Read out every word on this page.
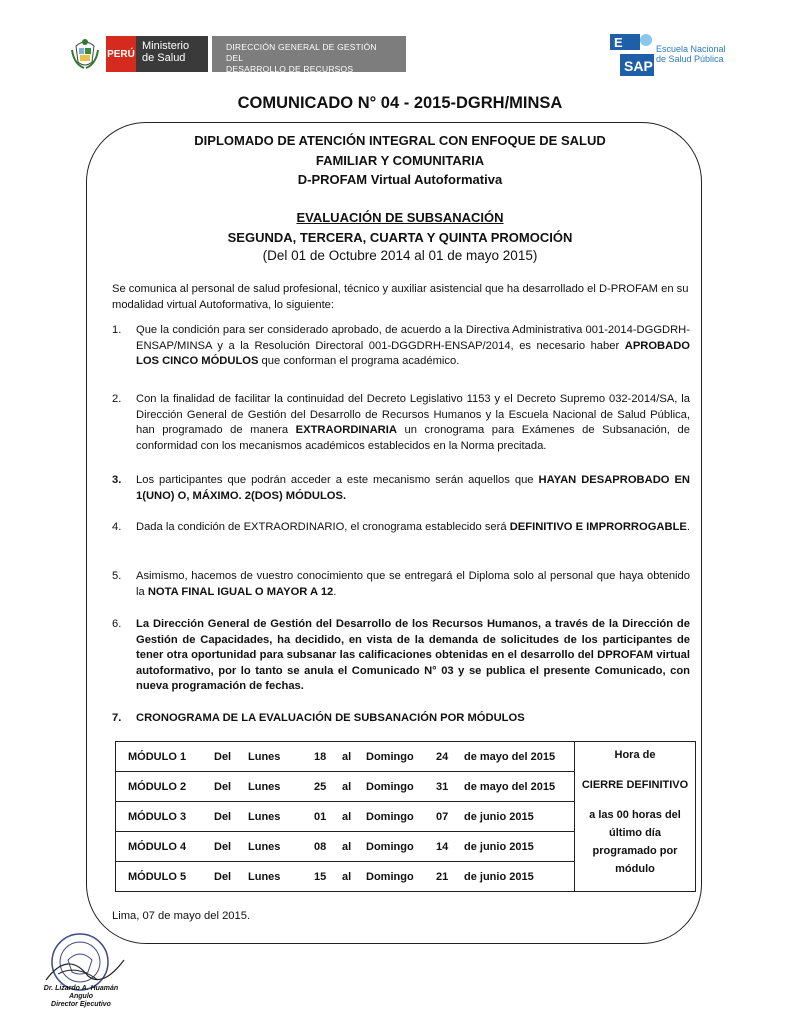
PERÚ
Ministerio
de Salud
DIRECCIÓN GENERAL DE GESTIÓN DEL
DESARROLLO DE RECURSOS HUMANOS
E
SAP
Escuela Nacional
de Salud Pública
COMUNICADO N° 04 - 2015-DGRH/MINSA
DIPLOMADO DE ATENCIÓN INTEGRAL CON ENFOQUE DE SALUD
FAMILIAR Y COMUNITARIA
D-PROFAM Virtual Autoformativa
EVALUACIÓN DE SUBSANACIÓN
SEGUNDA, TERCERA, CUARTA Y QUINTA PROMOCIÓN
(Del 01 de Octubre 2014 al 01 de mayo 2015)
Se comunica al personal de salud profesional, técnico y auxiliar asistencial que ha desarrollado el D-PROFAM en su modalidad virtual Autoformativa, lo siguiente:
1.	Que la condición para ser considerado aprobado, de acuerdo a la Directiva Administrativa 001-2014-DGGDRH-ENSAP/MINSA y a la Resolución Directoral 001-DGGDRH-ENSAP/2014, es necesario haber APROBADO LOS CINCO MÓDULOS que conforman el programa académico.
2.	Con la finalidad de facilitar la continuidad del Decreto Legislativo 1153 y el Decreto Supremo 032-2014/SA, la Dirección General de Gestión del Desarrollo de Recursos Humanos y la Escuela Nacional de Salud Pública, han programado de manera EXTRAORDINARIA un cronograma para Exámenes de Subsanación, de conformidad con los mecanismos académicos establecidos en la Norma precitada.
3.	Los participantes que podrán acceder a este mecanismo serán aquellos que HAYAN DESAPROBADO EN 1(UNO) O, MÁXIMO. 2(DOS) MÓDULOS.
4.	Dada la condición de EXTRAORDINARIO, el cronograma establecido será DEFINITIVO E IMPRORROGABLE.
5.	Asimismo, hacemos de vuestro conocimiento que se entregará el Diploma solo al personal que haya obtenido la NOTA FINAL IGUAL O MAYOR A 12.
6.	La Dirección General de Gestión del Desarrollo de los Recursos Humanos, a través de la Dirección de Gestión de Capacidades, ha decidido, en vista de la demanda de solicitudes de los participantes de tener otra oportunidad para subsanar las calificaciones obtenidas en el desarrollo del DPROFAM virtual autoformativo, por lo tanto se anula el Comunicado N° 03 y se publica el presente Comunicado, con nueva programación de fechas.
7.	CRONOGRAMA DE LA EVALUACIÓN DE SUBSANACIÓN POR MÓDULOS
MÓDULO 1	Del	Lunes	18	al	Domingo	24	de mayo del 2015	Hora de
CIERRE DEFINITIVO
a las 00 horas del
último día
programado por
módulo

MÓDULO 2	Del	Lunes	25	al	Domingo	31	de mayo del 2015

MÓDULO 3	Del	Lunes	01	al	Domingo	07	de junio 2015

MÓDULO 4	Del	Lunes	08	al	Domingo	14	de junio 2015

MÓDULO 5	Del	Lunes	15	al	Domingo	21	de junio 2015
Lima, 07 de mayo del 2015.
Dr. Lizardo A. Huamán Angulo
Director Ejecutivo
